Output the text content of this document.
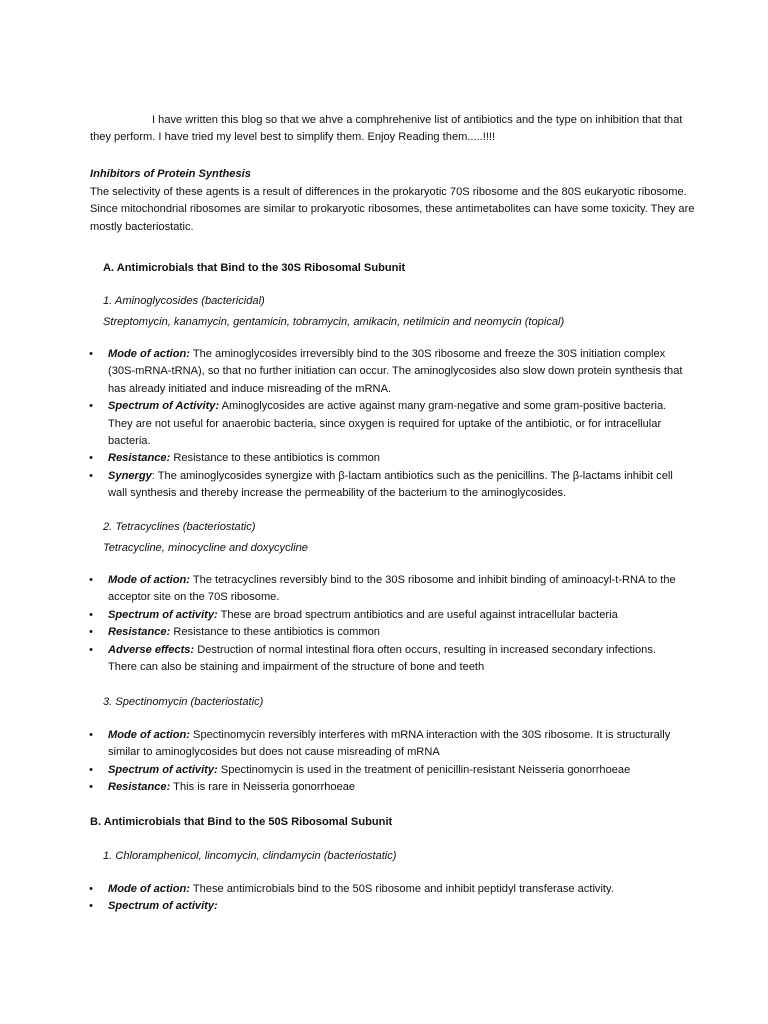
I have written this blog so that we ahve a comphrehenive list of antibiotics and the type on inhibition that that they perform. I have tried my level best to simplify them. Enjoy Reading them.....!!!!
Inhibitors of Protein Synthesis
The selectivity of these agents is a result of differences in the prokaryotic 70S ribosome and the 80S eukaryotic ribosome. Since mitochondrial ribosomes are similar to prokaryotic ribosomes, these antimetabolites can have some toxicity. They are mostly bacteriostatic.
A. Antimicrobials that Bind to the 30S Ribosomal Subunit
1. Aminoglycosides (bactericidal)
Streptomycin, kanamycin, gentamicin, tobramycin, amikacin, netilmicin and neomycin (topical)
• Mode of action: The aminoglycosides irreversibly bind to the 30S ribosome and freeze the 30S initiation complex (30S-mRNA-tRNA), so that no further initiation can occur. The aminoglycosides also slow down protein synthesis that has already initiated and induce misreading of the mRNA.
• Spectrum of Activity: Aminoglycosides are active against many gram-negative and some gram-positive bacteria. They are not useful for anaerobic bacteria, since oxygen is required for uptake of the antibiotic, or for intracellular bacteria.
• Resistance: Resistance to these antibiotics is common
• Synergy: The aminoglycosides synergize with β-lactam antibiotics such as the penicillins. The β-lactams inhibit cell wall synthesis and thereby increase the permeability of the bacterium to the aminoglycosides.
2. Tetracyclines (bacteriostatic)
Tetracycline, minocycline and doxycycline
• Mode of action: The tetracyclines reversibly bind to the 30S ribosome and inhibit binding of aminoacyl-t-RNA to the acceptor site on the 70S ribosome.
• Spectrum of activity: These are broad spectrum antibiotics and are useful against intracellular bacteria
• Resistance: Resistance to these antibiotics is common
• Adverse effects: Destruction of normal intestinal flora often occurs, resulting in increased secondary infections. There can also be staining and impairment of the structure of bone and teeth
3. Spectinomycin (bacteriostatic)
• Mode of action: Spectinomycin reversibly interferes with mRNA interaction with the 30S ribosome. It is structurally similar to aminoglycosides but does not cause misreading of mRNA
• Spectrum of activity: Spectinomycin is used in the treatment of penicillin-resistant Neisseria gonorrhoeae
• Resistance: This is rare in Neisseria gonorrhoeae
B. Antimicrobials that Bind to the 50S Ribosomal Subunit
1. Chloramphenicol, lincomycin, clindamycin (bacteriostatic)
• Mode of action: These antimicrobials bind to the 50S ribosome and inhibit peptidyl transferase activity.
• Spectrum of activity:
